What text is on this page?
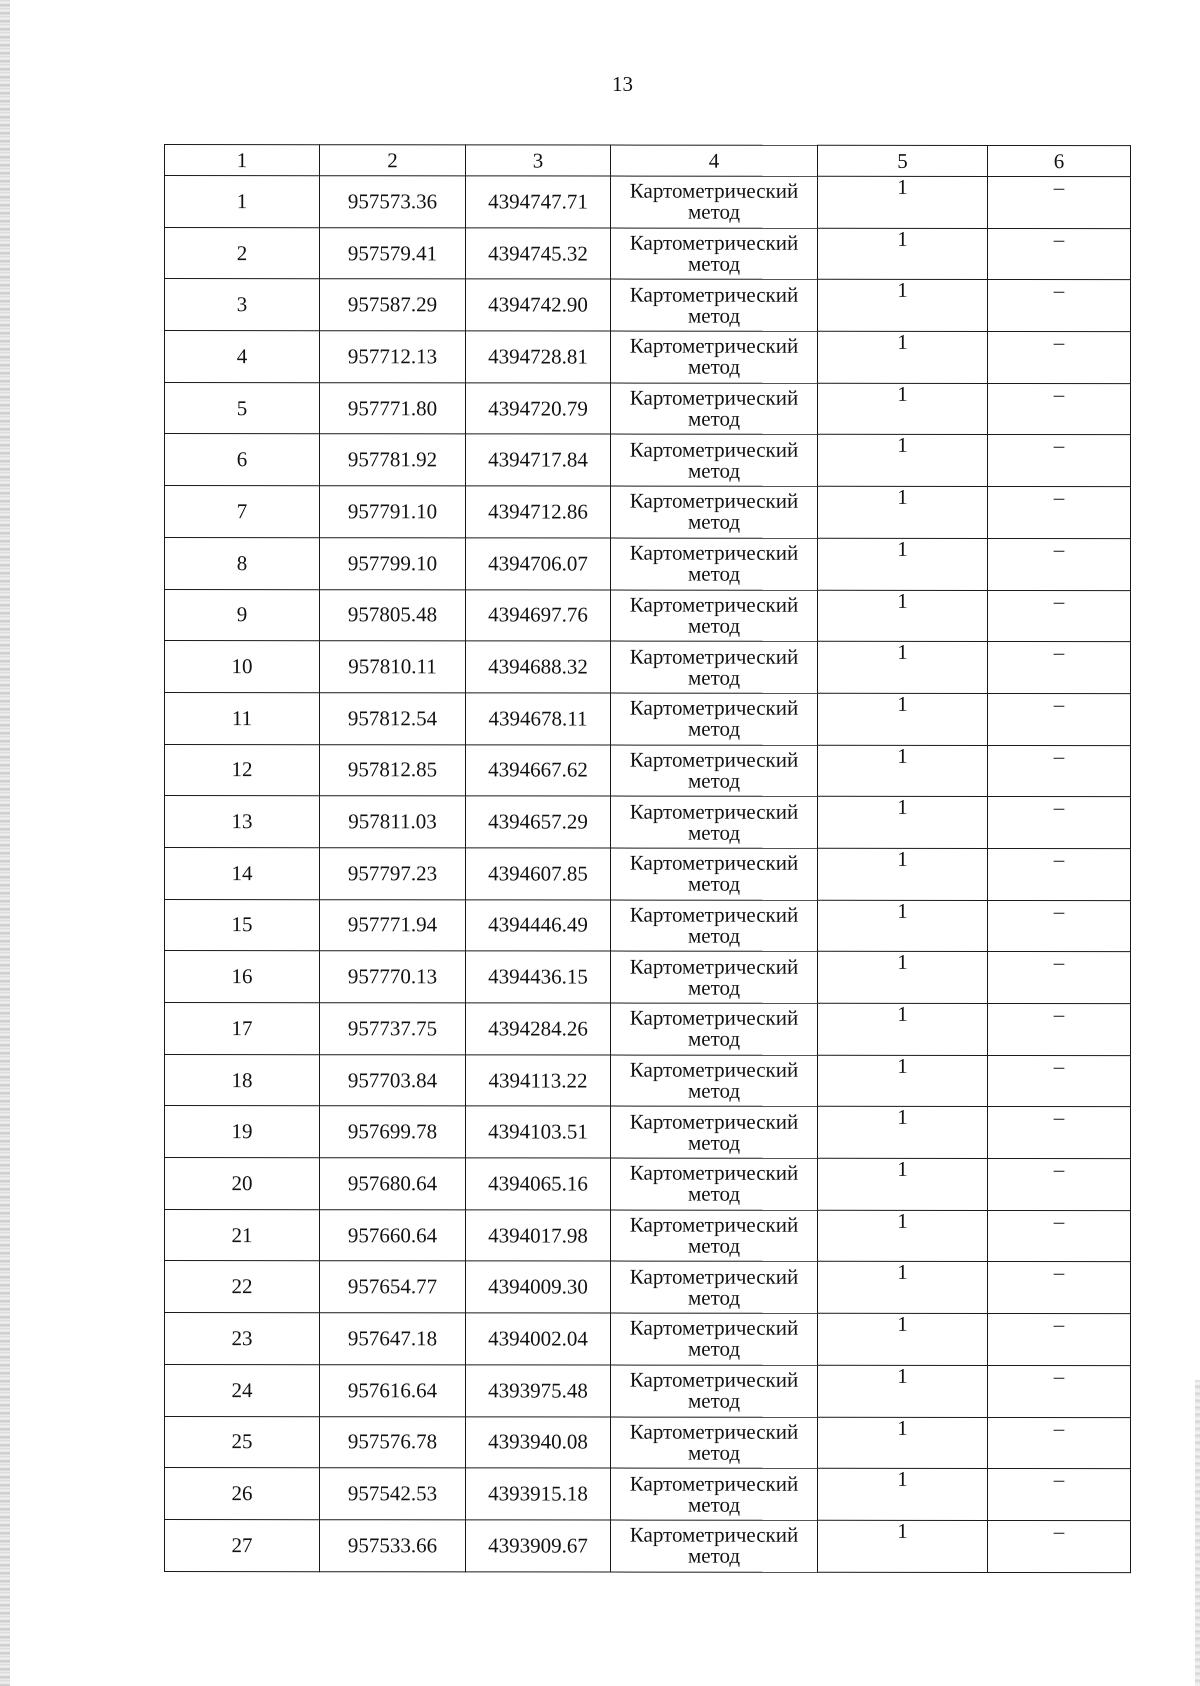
13
1	2	3	4	5	6
1	957573.36	4394747.71	Картометрический метод	1	–
2	957579.41	4394745.32	Картометрический метод	1	–
3	957587.29	4394742.90	Картометрический метод	1	–
4	957712.13	4394728.81	Картометрический метод	1	–
5	957771.80	4394720.79	Картометрический метод	1	–
6	957781.92	4394717.84	Картометрический метод	1	–
7	957791.10	4394712.86	Картометрический метод	1	–
8	957799.10	4394706.07	Картометрический метод	1	–
9	957805.48	4394697.76	Картометрический метод	1	–
10	957810.11	4394688.32	Картометрический метод	1	–
11	957812.54	4394678.11	Картометрический метод	1	–
12	957812.85	4394667.62	Картометрический метод	1	–
13	957811.03	4394657.29	Картометрический метод	1	–
14	957797.23	4394607.85	Картометрический метод	1	–
15	957771.94	4394446.49	Картометрический метод	1	–
16	957770.13	4394436.15	Картометрический метод	1	–
17	957737.75	4394284.26	Картометрический метод	1	–
18	957703.84	4394113.22	Картометрический метод	1	–
19	957699.78	4394103.51	Картометрический метод	1	–
20	957680.64	4394065.16	Картометрический метод	1	–
21	957660.64	4394017.98	Картометрический метод	1	–
22	957654.77	4394009.30	Картометрический метод	1	–
23	957647.18	4394002.04	Картометрический метод	1	–
24	957616.64	4393975.48	Картометрический метод	1	–
25	957576.78	4393940.08	Картометрический метод	1	–
26	957542.53	4393915.18	Картометрический метод	1	–
27	957533.66	4393909.67	Картометрический метод	1	–
